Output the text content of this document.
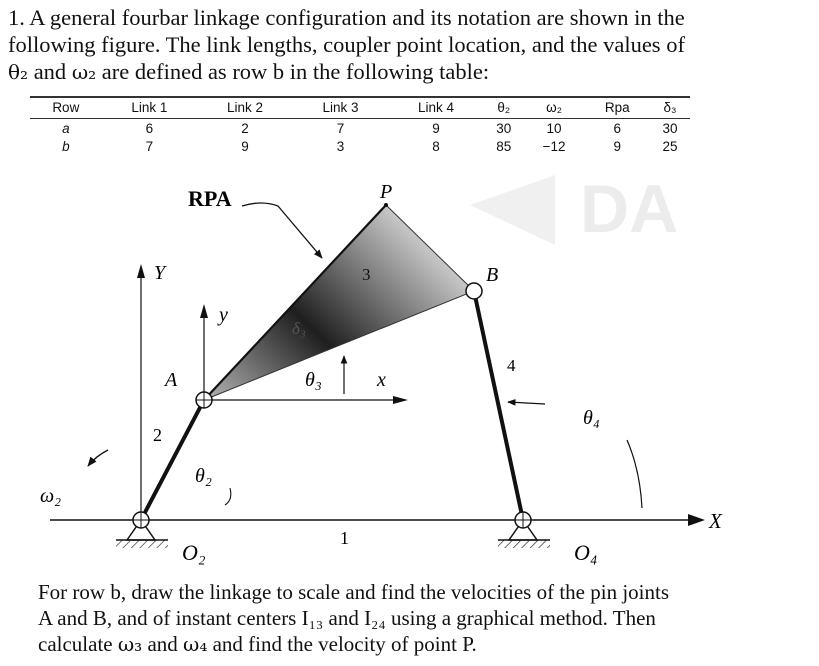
1. A general fourbar linkage configuration and its notation are shown in the
following figure. The link lengths, coupler point location, and the values of
θ₂ and ω₂ are defined as row b in the following table:
Row	Link 1	Link 2	Link 3	Link 4	θ₂	ω₂	Rpa	δ₃
a	6	2	7	9	30	10	6	30
b	7	9	3	8	85	−12	9	25
DA
RPA	P
3	B
Y
y
δ₃
A	θ₃	x
4
θ₄
2
θ₂
ω₂
X
1
O₂	O₄
For row b, draw the linkage to scale and find the velocities of the pin joints
A and B, and of instant centers I₁₃ and I₂₄ using a graphical method. Then
calculate ω₃ and ω₄ and find the velocity of point P.
